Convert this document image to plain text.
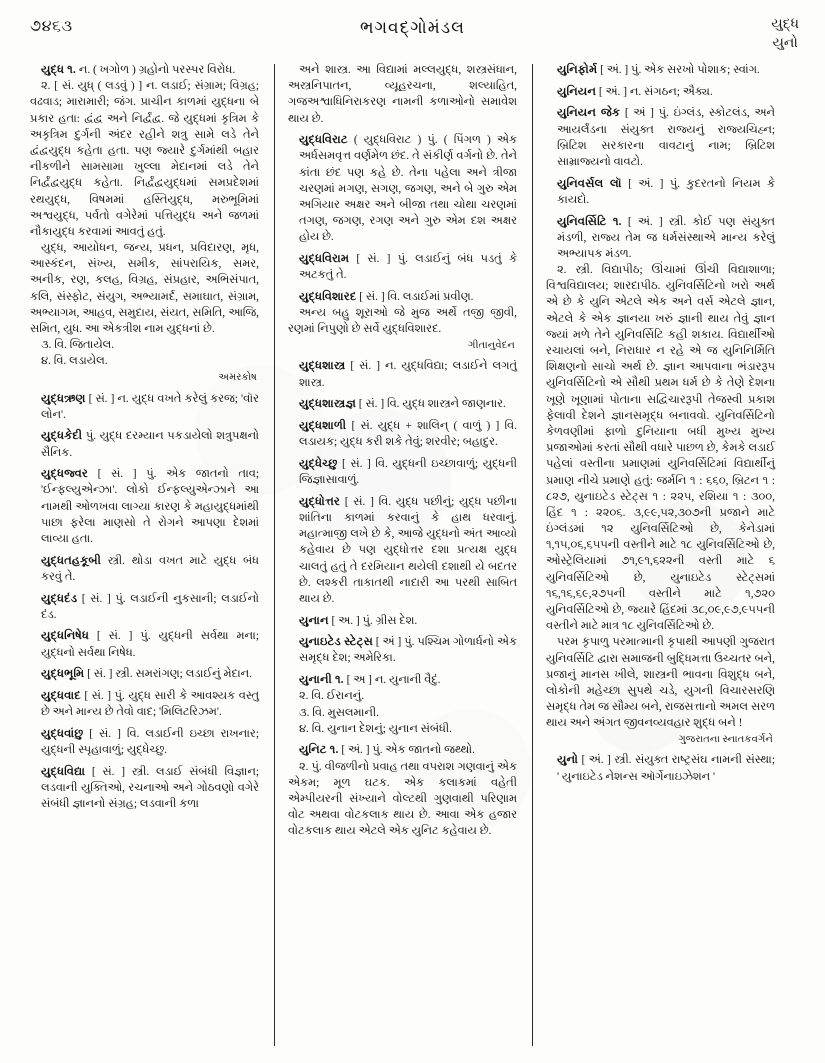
૭૪૬૩	ભગવદ્ગોમંડલ	યુદ્ધ
યુનો

યુદ્ધ ૧. ન. ( ખગોળ ) ગ્રહોનો પરસ્પર વિરોધ.

૨. [ સં. યુધ્ ( લડવું ) ] ન. લડાઈ; સંગ્રામ; વિગ્રહ; વઢવાડ; મારામારી; જંગ. પ્રાચીન કાળમાં યુદ્ધના બે પ્રકાર હતા: દ્વંદ્વ અને નિર્દ્વંદ્વ. જે યુદ્ધમાં કૃત્રિમ કે અકૃત્રિમ દુર્ગની અંદર રહીને શત્રુ સામે લડે તેને દ્વંદ્વયુદ્ધ કહેતા હતા. પણ જ્યારે દુર્ગમાંથી બહાર નીકળીને સામસામા ખુલ્લા મેદાનમાં લડે તેને નિર્દ્વંદ્વયુદ્ધ કહેતા. નિર્દ્વંદ્વયુદ્ધમાં સમપ્રદેશમાં રથયુદ્ધ, વિષમમાં હસ્તિયુદ્ધ, મરુભૂમિમાં અશ્વયુદ્ધ, પર્વતો વગેરેમાં પત્તિયુદ્ધ અને જળમાં નૌકાયુદ્ધ કરવામાં આવતું હતું.

યુદ્ધ, આયોધન, જન્ય, પ્રધન, પ્રવિદારણ, મૃધ, આસ્કંદન, સંખ્ય, સમીક, સાંપરાયિક, સમર, અનીક, રણ, કલહ, વિગ્રહ, સંપ્રહાર, અભિસંપાત, કલિ, સંસ્ફોટ, સંયુગ, અભ્યામર્દ, સમાઘાત, સંગ્રામ, અભ્યાગમ, આહવ, સમુદાય, સંયત, સમિતિ, આજિ, સમિત, યુધ. આ એકત્રીશ નામ યુદ્ધનાં છે.

૩. વિ. જિતાયેલ.

૪. વિ. લડાયેલ.

અમરકોષ

યુદ્ધઋણ [ સં. ] ન. યુદ્ધ વખતે કરેલું કરજ; 'વૉર લોન'.

યુદ્ધકેદી પું. યુદ્ધ દરમ્યાન પકડાયેલો શત્રુપક્ષનો સૈનિક.

યુદ્ધજ્વર [ સં. ] પું. એક જાતનો તાવ; 'ઈન્ફલ્યુએન્ઝા'. લોકો ઈન્ફલ્યુએન્ઝાને આ નામથી ઓળખવા લાગ્યા કારણ કે મહાયુદ્ધમાંથી પાછા ફરેલા માણસો તે રોગને આપણા દેશમાં લાવ્યા હતા.

યુદ્ધતહકૂબી સ્ત્રી. થોડા વખત માટે યુદ્ધ બંધ કરવું તે.

યુદ્ધદંડ [ સં. ] પું. લડાઈની નુકસાની; લડાઈનો દંડ.

યુદ્ધનિષેધ [ સં. ] પું. યુદ્ધની સર્વથા મના; યુદ્ધનો સર્વથા નિષેધ.

યુદ્ધભૂમિ [ સં. ] સ્ત્રી. સમરાંગણ; લડાઈનું મેદાન.

યુદ્ધવાદ [ સં. ] પું. યુદ્ધ સારી કે આવશ્યક વસ્તુ છે અને માન્ય છે તેવો વાદ; 'મિલિટરિઝમ'.

યુદ્ધવાંછુ [ સં. ] વિ. લડાઈની ઇચ્છા રાખનાર; યુદ્ધની સ્પૃહાવાળું; યુદ્ધેચ્છુ.

યુદ્ધવિદ્યા [ સં. ] સ્ત્રી. લડાઈ સંબંધી વિજ્ઞાન; લડવાની યુક્તિઓ, રચનાઓ અને ગોઠવણો વગેરે સંબંધી જ્ઞાનનો સંગ્રહ; લડવાની કળા

અને શાસ્ત્ર. આ વિદ્યામાં મલ્લયુદ્ધ, શસ્ત્રસંધાન, અસ્ત્રનિપાતન, વ્યૂહરચના, શલ્યાહિત, ગજઅશ્વાધિનિરાકરણ નામની કળાઓનો સમાવેશ થાય છે.

યુદ્ધવિરાટ ( યુદ્ધવિરાટ ) પું. ( પિંગળ ) એક અર્ધસમવૃત્ત વર્ણમેળ છંદ. તે સંકીર્ણ વર્ગનો છે. તેને કાંતા છંદ પણ કહે છે. તેના પહેલા અને ત્રીજા ચરણમાં મગણ, સગણ, જગણ, અને બે ગુરુ એમ અગિયાર અક્ષર અને બીજા તથા ચોથા ચરણમાં તગણ, જગણ, રગણ અને ગુરુ એમ દશ અક્ષર હોય છે.

યુદ્ધવિરામ [ સં. ] પું. લડાઈનું બંધ પડતું કે અટકતું તે.

યુદ્ધવિશારદ [ સં. ] વિ. લડાઈમાં પ્રવીણ.

અન્ય બહુ શૂરાઓ જે મુજ અર્થે તજી જીવી, રણમાં નિપુણો છે સર્વે યુદ્ધવિશારદ.

ગીતાનુવેદન

યુદ્ધશાસ્ત્ર [ સં. ] ન. યુદ્ધવિદ્યા; લડાઈને લગતું શાસ્ત્ર.

યુદ્ધશાસ્ત્રજ્ઞ [ સં. ] વિ. યુદ્ધ શાસ્ત્રને જાણનાર.

યુદ્ધશાળી [ સં. યુદ્ધ + શાલિન્ ( વાળું ) ] વિ. લડાયક; યુદ્ધ કરી શકે તેવું; શરવીર; બહાદુર.

યુદ્ધેચ્છુ [ સં. ] વિ. યુદ્ધની ઇચ્છાવાળું; યુદ્ધની જિજ્ઞાસાવાળું.

યુદ્ધોત્તર [ સં. ] વિ. યુદ્ધ પછીનું; યુદ્ધ પછીના શાંતિના કાળમાં કરવાનું કે હાથ ધરવાનું. મહાત્માજી લખે છે કે, આજે યુદ્ધનો અંત આવ્યો કહેવાય છે પણ યુદ્ધોત્તર દશા પ્રત્યક્ષ યુદ્ધ ચાલતું હતું તે દરમિયાન થયેલી દશાથી યે બદતર છે. લશ્કરી તાકાતથી નાદારી આ પરથી સાબિત થાય છે.

યુનાન [ અ. ] પું. ગ્રીસ દેશ.

યુનાઇટેડ સ્ટેટ્સ [ અં ] પું. પશ્ચિમ ગોળાર્ધનો એક સમૃદ્ધ દેશ; અમેરિકા.

યુનાની ૧. [ અ ] ન. યુનાની વૈદું.

૨. વિ. ઈરાનનું.

૩. વિ. મુસલમાની.

૪. વિ. યુનાન દેશનું; યુનાન સંબંધી.

યુનિટ ૧. [ અં. ] પું. એક જાતનો જથ્થો.

૨. પું. વીજળીનો પ્રવાહ તથા વપરાશ ગણવાનું એક એકમ; મૂળ ઘટક. એક કલાકમાં વહેતી એમ્પીયરની સંખ્યાને વોલ્ટથી ગુણવાથી પરિણામ વોટ અથવા વોટકલાક થાય છે. આવા એક હજાર વોટકલાક થાય એટલે એક યુનિટ કહેવાય છે.

યુનિફોર્મ [ અં. ] પું. એક સરખો પોશાક; સ્વાંગ.

યુનિયન [ અં. ] ન. સંગઠન; ઐક્ય.

યુનિયન જેક [ અં ] પું. ઇંગ્લંડ, સ્કોટલંડ, અને આયર્લંડના સંયુક્ત રાજ્યનું રાજ્યચિહ્ન; બ્રિટિશ સરકારના વાવટાનું નામ; બ્રિટિશ સામ્રાજ્યનો વાવટો.

યુનિવર્સલ લૉ [ અં. ] પું. કુદરતનો નિયમ કે કાયદો.

યુનિવર્સિટિ ૧. [ અં. ] સ્ત્રી. કોઈ પણ સંયુક્ત મંડળી, રાજ્ય તેમ જ ધર્મસંસ્થાએ માન્ય કરેલું અભ્યાપક મંડળ.

૨. સ્ત્રી. વિદ્યાપીઠ; ઊંચામાં ઊંચી વિદ્યાશાળા; વિશ્વવિદ્યાલય; શારદાપીઠ. યુનિવર્સિટિનો ખરો અર્થ એ છે કે યુનિ એટલે એક અને વર્સ એટલે જ્ઞાન, એટલે કે એક જ્ઞાનયા ખરું જ્ઞાની થાય તેવું જ્ઞાન જ્યાં મળે તેને યુનિવર્સિટિ કહી શકાય. વિદ્યાર્થીઓ રચાયલાં બને, નિરાધાર ન રહે એ જ યુનિનિર્મિતિ શિક્ષણનો સાચો અર્થ છે. જ્ઞાન આપવાના ભંડારરૂપ યુનિવર્સિટિનો એ સૌથી પ્રથમ ધર્મ છે કે તેણે દેશના ખૂણે ખૂણામાં પોતાના સદ્વિચારરૂપી તેજસ્વી પ્રકાશ ફેલાવી દેશને જ્ઞાનસમૃદ્ધ બનાવવો. યુનિવર્સિટિનો કેળવણીમાં ફાળો દુનિયાના બધી મુખ્ય મુખ્ય પ્રજાઓમાં કરતાં સૌથી વધારે પાછળ છે, કેમકે લડાઈ પહેલાં વસ્તીના પ્રમાણમાં યુનિવર્સિટિમાં વિદ્યાર્થીનું પ્રમાણ નીચે પ્રમાણે હતું: જર્મનિ ૧ : ૬૬૦, બ્રિટન ૧ : ૮૨૭, યુનાઇટેડ સ્ટેટ્સ ૧ : ૨૨૫, રશિયા ૧ : ૩૦૦, હિંદ ૧ : ૨૨૦૬. ૩,૯૯,૫૨,૩૦૭ની પ્રજાને માટે ઇંગ્લંડમાં ૧૨ યુનિવર્સિટિઓ છે, કેનેડામાં ૧,૧૫,૦૬,૬૫૫ની વસ્તીને માટે ૧૮ યુનિવર્સિટિઓ છે, ઓસ્ટ્રેલિયામાં ૭૧,૯૧,૬૨૨ની વસ્તી માટે ૬ યુનિવર્સિટિઓ છે, યુનાઇટેડ સ્ટેટ્સમાં ૧૬,૧૬,૬૯,૨૭૫ની વસ્તીને માટે ૧,૭૨૦ યુનિવર્સિટિઓ છે, જ્યારે હિંદમાં ૩૮,૦૯,૯૭,૯૫૫ની વસ્તીને માટે માત્ર ૧૮ યુનિવર્સિટિઓ છે.

પરમ કૃપાળુ પરમાત્માની કૃપાથી આપણી ગુજરાત યુનિવર્સિટિ દ્વારા સમાજની બુદ્ધિમત્તા ઉચ્ચતર બને, પ્રજાનું માનસ ખીલે, શાસ્ત્રની ભાવના વિશુદ્ધ બને, લોકોની મહેચ્છા સુપથે ચડે, યુગની વિચારસરણિ સમૃદ્ધ તેમ જ સૌમ્ય બને, રાજસત્તાનો અમલ સરળ થાય અને અંગત જીવનવ્યવહાર શુદ્ધ બને !

ગુજરાતના સ્નાતકવર્ગને

યુનો [ અં. ] સ્ત્રી. સંયુક્ત રાષ્ટ્રસંઘ નામની સંસ્થા; ' યુનાઇટેડ નેશન્સ ઑર્ગેનાઇઝેશન '
